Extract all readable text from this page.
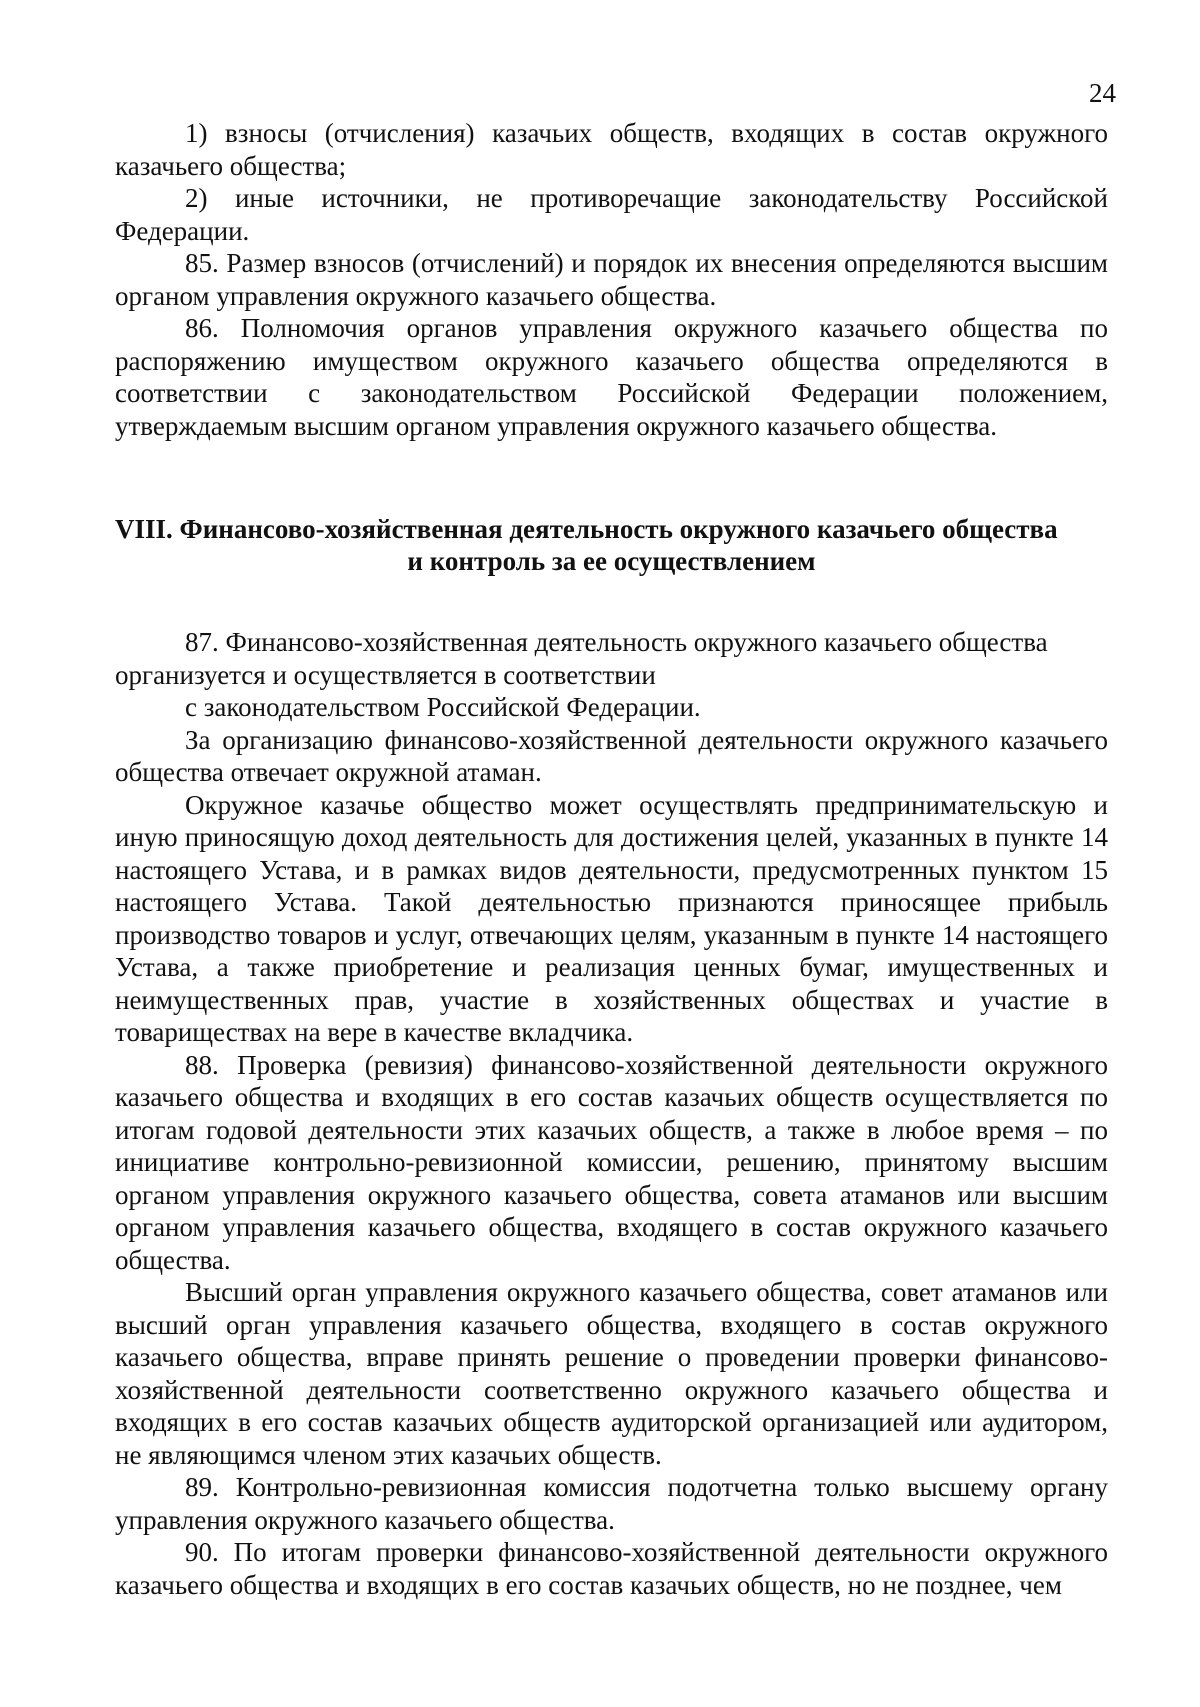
24

1) взносы (отчисления) казачьих обществ, входящих в состав окружного казачьего общества;

2) иные источники, не противоречащие законодательству Российской Федерации.

85. Размер взносов (отчислений) и порядок их внесения определяются высшим органом управления окружного казачьего общества.

86. Полномочия органов управления окружного казачьего общества по распоряжению имуществом окружного казачьего общества определяются в соответствии с законодательством Российской Федерации положением, утверждаемым высшим органом управления окружного казачьего общества.

VIII. Финансово-хозяйственная деятельность окружного казачьего общества
и контроль за ее осуществлением

87. Финансово-хозяйственная деятельность окружного казачьего общества организуется и осуществляется в соответствии

с законодательством Российской Федерации.

За организацию финансово-хозяйственной деятельности окружного казачьего общества отвечает окружной атаман.

Окружное казачье общество может осуществлять предпринимательскую и иную приносящую доход деятельность для достижения целей, указанных в пункте 14 настоящего Устава, и в рамках видов деятельности, предусмотренных пунктом 15 настоящего Устава. Такой деятельностью признаются приносящее прибыль производство товаров и услуг, отвечающих целям, указанным в пункте 14 настоящего Устава, а также приобретение и реализация ценных бумаг, имущественных и неимущественных прав, участие в хозяйственных обществах и участие в товариществах на вере в качестве вкладчика.

88. Проверка (ревизия) финансово-хозяйственной деятельности окружного казачьего общества и входящих в его состав казачьих обществ осуществляется по итогам годовой деятельности этих казачьих обществ, а также в любое время – по инициативе контрольно-ревизионной комиссии, решению, принятому высшим органом управления окружного казачьего общества, совета атаманов или высшим органом управления казачьего общества, входящего в состав окружного казачьего общества.

Высший орган управления окружного казачьего общества, совет атаманов или высший орган управления казачьего общества, входящего в состав окружного казачьего общества, вправе принять решение о проведении проверки финансово-хозяйственной деятельности соответственно окружного казачьего общества и входящих в его состав казачьих обществ аудиторской организацией или аудитором, не являющимся членом этих казачьих обществ.

89. Контрольно-ревизионная комиссия подотчетна только высшему органу управления окружного казачьего общества.

90. По итогам проверки финансово-хозяйственной деятельности окружного казачьего общества и входящих в его состав казачьих обществ, но не позднее, чем
